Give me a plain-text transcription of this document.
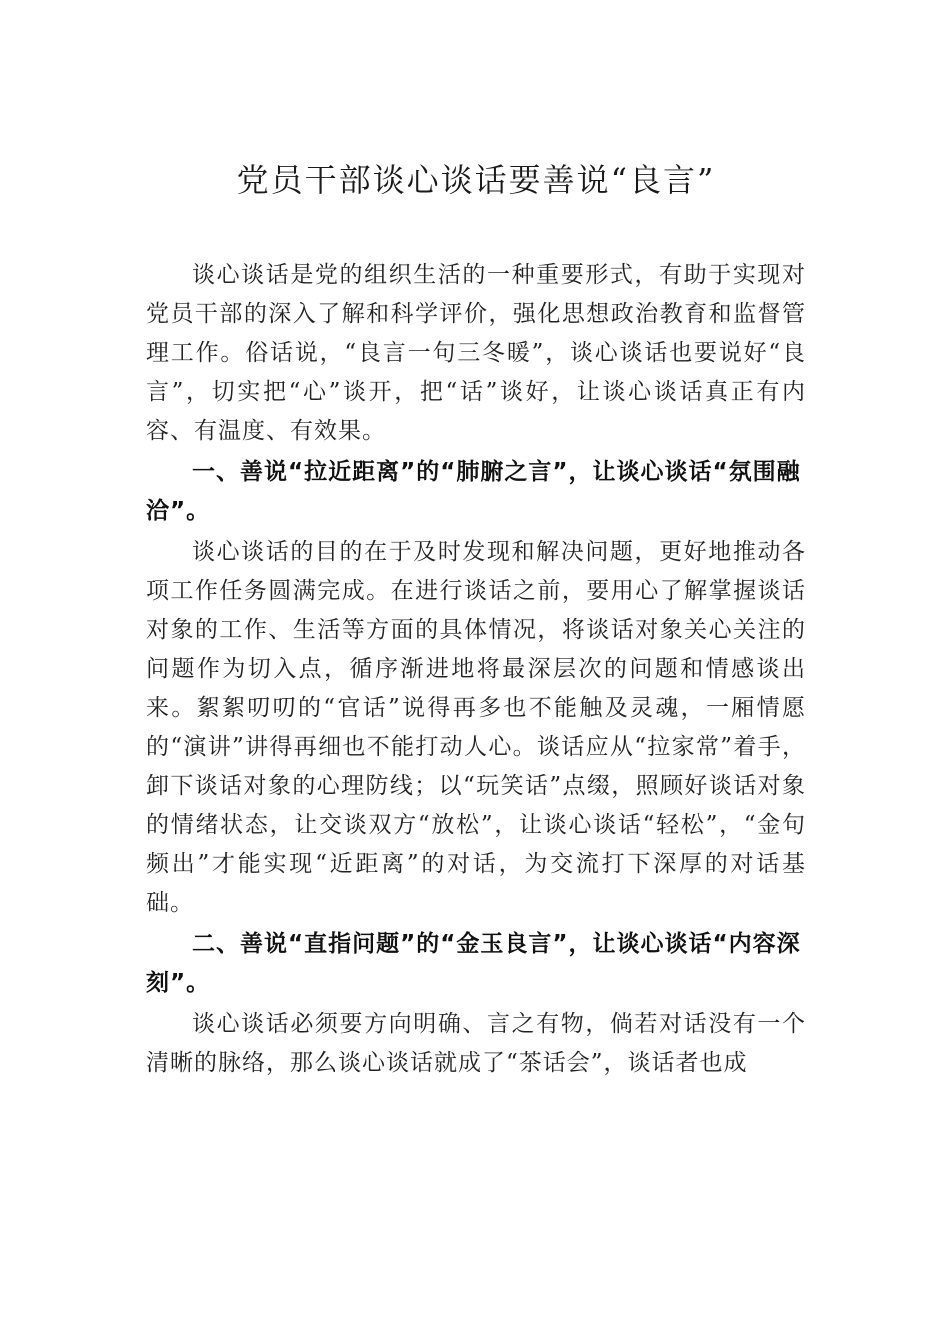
党员干部谈心谈话要善说“良言”

谈心谈话是党的组织生活的一种重要形式，有助于实现对党员干部的深入了解和科学评价，强化思想政治教育和监督管理工作。俗话说，“良言一句三冬暖”，谈心谈话也要说好“良言”，切实把“心”谈开，把“话”谈好，让谈心谈话真正有内容、有温度、有效果。

一、善说“拉近距离”的“肺腑之言”，让谈心谈话“氛围融洽”。

谈心谈话的目的在于及时发现和解决问题，更好地推动各项工作任务圆满完成。在进行谈话之前，要用心了解掌握谈话对象的工作、生活等方面的具体情况，将谈话对象关心关注的问题作为切入点，循序渐进地将最深层次的问题和情感谈出来。絮絮叨叨的“官话”说得再多也不能触及灵魂，一厢情愿的“演讲”讲得再细也不能打动人心。谈话应从“拉家常”着手，卸下谈话对象的心理防线；以“玩笑话”点缀，照顾好谈话对象的情绪状态，让交谈双方“放松”，让谈心谈话“轻松”，“金句频出”才能实现“近距离”的对话，为交流打下深厚的对话基础。

二、善说“直指问题”的“金玉良言”，让谈心谈话“内容深刻”。

谈心谈话必须要方向明确、言之有物，倘若对话没有一个清晰的脉络，那么谈心谈话就成了“茶话会”，谈话者也成
